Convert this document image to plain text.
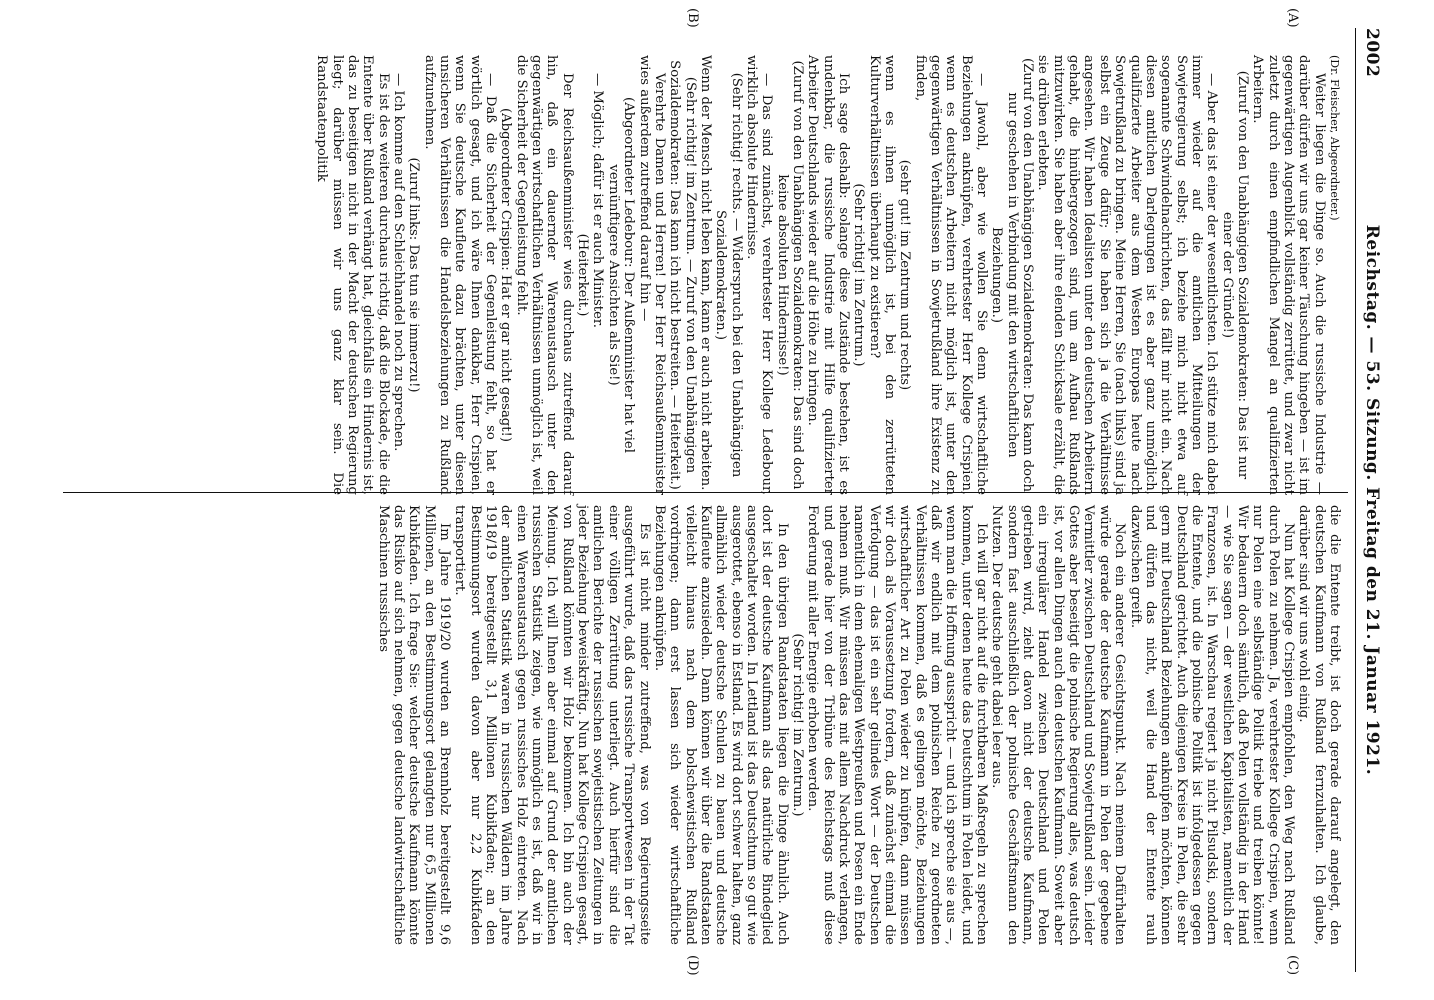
2002
Reichstag. — 53. Sitzung. Freitag den 21. Januar 1921.
(A)
(B)
(C)
(D)

(Dr. Fleischer, Abgeordneter.)

Weiter liegen die Dinge so. Auch die russische Industrie — darüber dürfen wir uns gar keiner Täuschung hingeben — ist im gegenwärtigen Augenblick vollständig zerrüttet, und zwar nicht zuletzt durch einen empfindlichen Mangel an qualifizierten Arbeitern.

(Zuruf von den Unabhängigen Sozialdemokraten: Das ist nur einer der Gründe!)

— Aber das ist einer der wesentlichsten. Ich stütze mich dabei immer wieder auf die amtlichen Mitteilungen der Sowjetregierung selbst; ich beziehe mich nicht etwa auf sogenannte Schwindelnachrichten, das fällt mir nicht ein. Nach diesen amtlichen Darlegungen ist es aber ganz unmöglich, qualifizierte Arbeiter aus dem Westen Europas heute nach Sowjetrußland zu bringen. Meine Herren, Sie (nach links) sind ja selbst ein Zeuge dafür; Sie haben sich ja die Verhältnisse angesehen. Wir haben Idealisten unter den deutschen Arbeitern gehabt, die hinübergezogen sind, um am Aufbau Rußlands mitzuwirken. Sie haben aber ihre elenden Schicksale erzählt, die sie drüben erlebten.

(Zuruf von den Unabhängigen Sozialdemokraten: Das kann doch nur geschehen in Verbindung mit den wirtschaftlichen Beziehungen.)

— Jawohl, aber wie wollen Sie denn wirtschaftliche Beziehungen anknüpfen, verehrtester Herr Kollege Crispien, wenn es deutschen Arbeitern nicht möglich ist, unter den gegenwärtigen Verhältnissen in Sowjetrußland ihre Existenz zu finden,

(sehr gut! im Zentrum und rechts)

wenn es ihnen unmöglich ist, bei den zerrütteten Kulturverhältnissen überhaupt zu existieren?

(Sehr richtig! im Zentrum.)

Ich sage deshalb: solange diese Zustände bestehen, ist es undenkbar, die russische Industrie mit Hilfe qualifizierter Arbeiter Deutschlands wieder auf die Höhe zu bringen.

(Zuruf von den Unabhängigen Sozialdemokraten: Das sind doch keine absoluten Hindernisse!)

— Das sind zunächst, verehrtester Herr Kollege Ledebour, wirklich absolute Hindernisse.

(Sehr richtig! rechts. — Widerspruch bei den Unabhängigen Sozialdemokraten.)

Wenn der Mensch nicht leben kann, kann er auch nicht arbeiten.

(Sehr richtig! im Zentrum. — Zuruf von den Unabhängigen Sozialdemokraten: Das kann ich nicht bestreiten. — Heiterkeit.)

Verehrte Damen und Herren! Der Herr Reichsaußenminister wies außerdem zutreffend darauf hin —

(Abgeordneter Ledebour: Der Außenminister hat viel vernünftigere Ansichten als Sie!)

— Möglich; dafür ist er auch Minister.

(Heiterkeit.)

Der Reichsaußenminister wies durchaus zutreffend darauf hin, daß ein dauernder Warenaustausch unter den gegenwärtigen wirtschaftlichen Verhältnissen unmöglich ist, weil die Sicherheit der Gegenleistung fehlt.

(Abgeordneter Crispien: Hat er gar nicht gesagt!)

— Daß die Sicherheit der Gegenleistung fehlt, so hat er wörtlich gesagt, und ich wäre Ihnen dankbar, Herr Crispien, wenn Sie deutsche Kaufleute dazu brächten, unter diesen unsicheren Verhältnissen die Handelsbeziehungen zu Rußland aufzunehmen.

(Zuruf links: Das tun sie immerzu!)

— Ich komme auf den Schleichhandel noch zu sprechen.

Es ist des weiteren durchaus richtig, daß die Blockade, die die Entente über Rußland verhängt hat, gleichfalls ein Hindernis ist, das zu beseitigen nicht in der Macht der deutschen Regierung liegt; darüber müssen wir uns ganz klar sein. Die Randstaatenpolitik

die die Entente treibt, ist doch gerade darauf angelegt, den deutschen Kaufmann von Rußland fernzuhalten. Ich glaube, darüber sind wir uns wohl einig.

Nun hat Kollege Crispien empfohlen, den Weg nach Rußland durch Polen zu nehmen. Ja, verehrtester Kollege Crispien, wenn nur Polen eine selbständige Politik triebe und treiben könnte! Wir bedauern doch sämtlich, daß Polen vollständig in der Hand — wie Sie sagen — der westlichen Kapitalisten, namentlich der Franzosen, ist. In Warschau regiert ja nicht Pilsudski, sondern die Entente, und die polnische Politik ist infolgedessen gegen Deutschland gerichtet. Auch diejenigen Kreise in Polen, die sehr gern mit Deutschland Beziehungen anknüpfen möchten, können und dürfen das nicht, weil die Hand der Entente rauh dazwischen greift.

Noch ein anderer Gesichtspunkt. Nach meinem Dafürhalten würde gerade der deutsche Kaufmann in Polen der gegebene Vermittler zwischen Deutschland und Sowjetrußland sein. Leider Gottes aber beseitigt die polnische Regierung alles, was deutsch ist, vor allen Dingen auch den deutschen Kaufmann. Soweit aber ein irregulärer Handel zwischen Deutschland und Polen getrieben wird, zieht davon nicht der deutsche Kaufmann, sondern fast ausschließlich der polnische Geschäftsmann den Nutzen. Der deutsche geht dabei leer aus.

Ich will gar nicht auf die furchtbaren Maßregeln zu sprechen kommen, unter denen heute das Deutschtum in Polen leidet, und wenn man die Hoffnung ausspricht — und ich spreche sie aus —, daß wir endlich mit dem polnischen Reiche zu geordneten Verhältnissen kommen, daß es gelingen möchte, Beziehungen wirtschaftlicher Art zu Polen wieder zu knüpfen, dann müssen wir doch als Voraussetzung fordern, daß zunächst einmal die Verfolgung — das ist ein sehr gelindes Wort — der Deutschen namentlich in dem ehemaligen Westpreußen und Posen ein Ende nehmen muß. Wir müssen das mit allem Nachdruck verlangen, und gerade hier von der Tribüne des Reichstags muß diese Forderung mit aller Energie erhoben werden.

(Sehr richtig! im Zentrum.)

In den übrigen Randstaaten liegen die Dinge ähnlich. Auch dort ist der deutsche Kaufmann als das natürliche Bindeglied ausgeschaltet worden. In Lettland ist das Deutschtum so gut wie ausgerottet, ebenso in Estland. Es wird dort schwer halten, ganz allmählich wieder deutsche Schulen zu bauen und deutsche Kaufleute anzusiedeln. Dann können wir über die Randstaaten vielleicht hinaus nach dem bolschewistischen Rußland vordringen; dann erst lassen sich wieder wirtschaftliche Beziehungen anknüpfen.

Es ist nicht minder zutreffend, was von Regierungsseite ausgeführt wurde, daß das russische Transportwesen in der Tat einer völligen Zerrüttung unterliegt. Auch hierfür sind die amtlichen Berichte der russischen sowjetistischen Zeitungen in jeder Beziehung beweiskräftig. Nun hat Kollege Crispien gesagt, von Rußland könnten wir Holz bekommen. Ich bin auch der Meinung. Ich will Ihnen aber einmal auf Grund der amtlichen russischen Statistik zeigen, wie unmöglich es ist, daß wir in einen Warenaustausch gegen russisches Holz eintreten. Nach der amtlichen Statistik waren in russischen Wäldern im Jahre 1918/19 bereitgestellt 3,1 Millionen Kubikfaden; an den Bestimmungsort wurden davon aber nur 2,2 Kubikfaden transportiert.

Im Jahre 1919/20 wurden an Brennholz bereitgestellt 9,6 Millionen, an den Bestimmungsort gelangten nur 6,5 Millionen Kubikfaden. Ich frage Sie: welcher deutsche Kaufmann könnte das Risiko auf sich nehmen, gegen deutsche landwirtschaftliche Maschinen russisches
